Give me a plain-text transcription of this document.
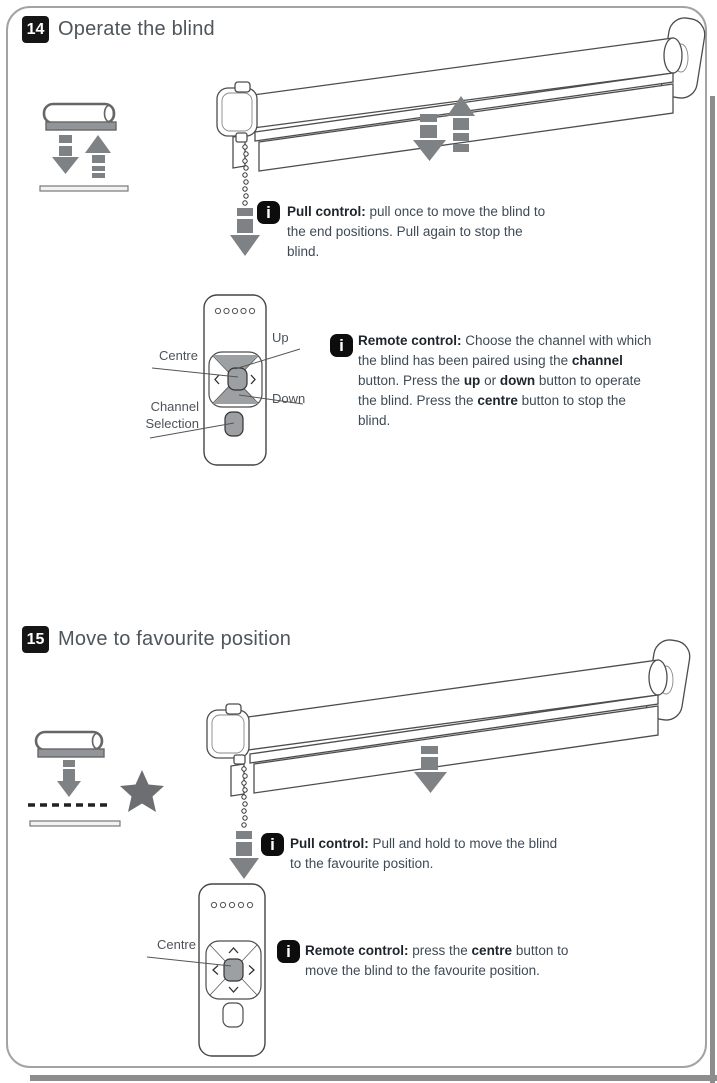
14 Operate the blind
i	Pull control: pull once to move the blind to the end positions. Pull again to stop the blind.
Up
Centre
Channel Selection
Down
i	Remote control: Choose the channel with which the blind has been paired using the channel button. Press the up or down button to operate the blind. Press the centre button to stop the blind.
15 Move to favourite position
i	Pull control: Pull and hold to move the blind to the favourite position.
Centre	i	Remote control: press the centre button to move the blind to the favourite position.
